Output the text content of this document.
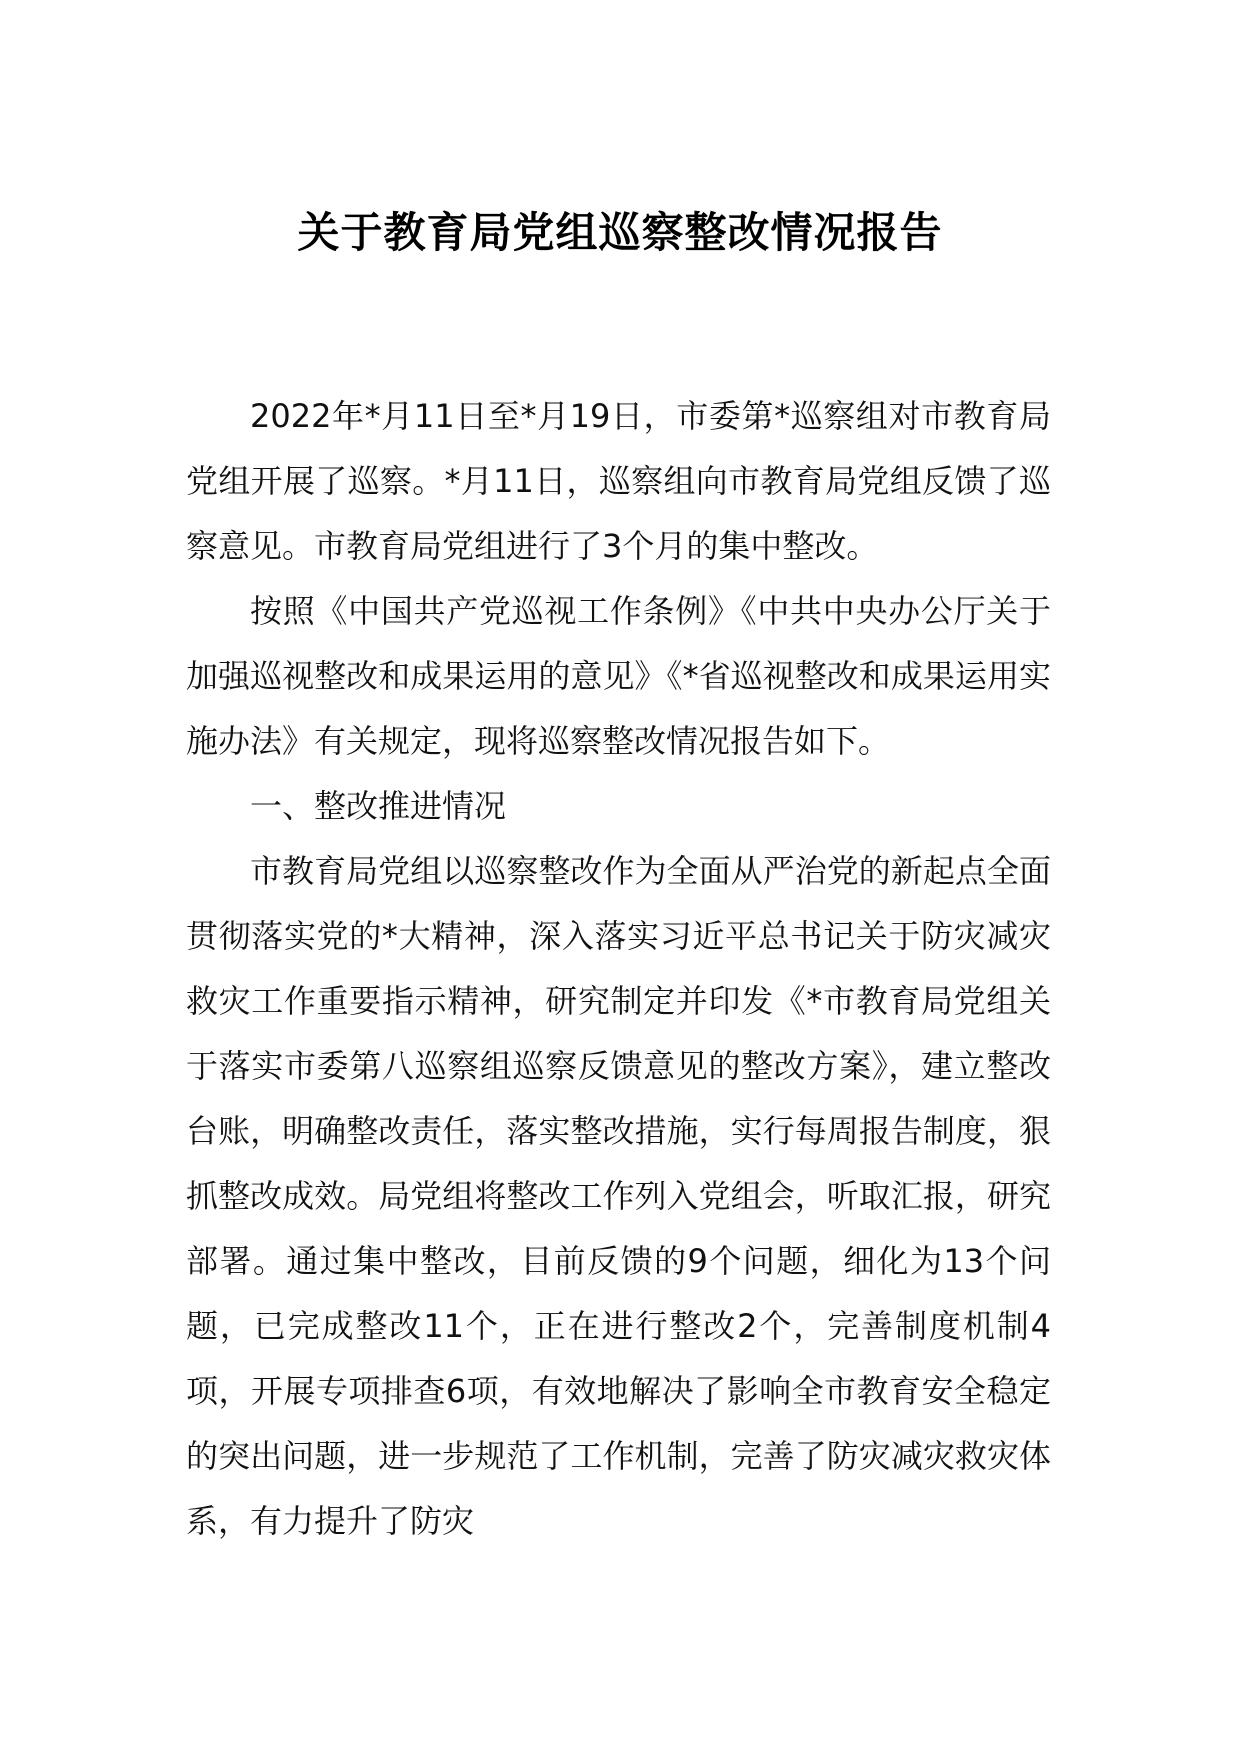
关于教育局党组巡察整改情况报告

2022年*月11日至*月19日，市委第*巡察组对市教育局党组开展了巡察。*月11日，巡察组向市教育局党组反馈了巡察意见。市教育局党组进行了3个月的集中整改。

按照《中国共产党巡视工作条例》《中共中央办公厅关于加强巡视整改和成果运用的意见》《*省巡视整改和成果运用实施办法》有关规定，现将巡察整改情况报告如下。

一、整改推进情况

市教育局党组以巡察整改作为全面从严治党的新起点全面贯彻落实党的*大精神，深入落实习近平总书记关于防灾减灾救灾工作重要指示精神，研究制定并印发《*市教育局党组关于落实市委第八巡察组巡察反馈意见的整改方案》，建立整改台账，明确整改责任，落实整改措施，实行每周报告制度，狠抓整改成效。局党组将整改工作列入党组会，听取汇报，研究部署。通过集中整改，目前反馈的9个问题，细化为13个问题，已完成整改11个，正在进行整改2个，完善制度机制4项，开展专项排查6项，有效地解决了影响全市教育安全稳定的突出问题，进一步规范了工作机制，完善了防灾减灾救灾体系，有力提升了防灾
